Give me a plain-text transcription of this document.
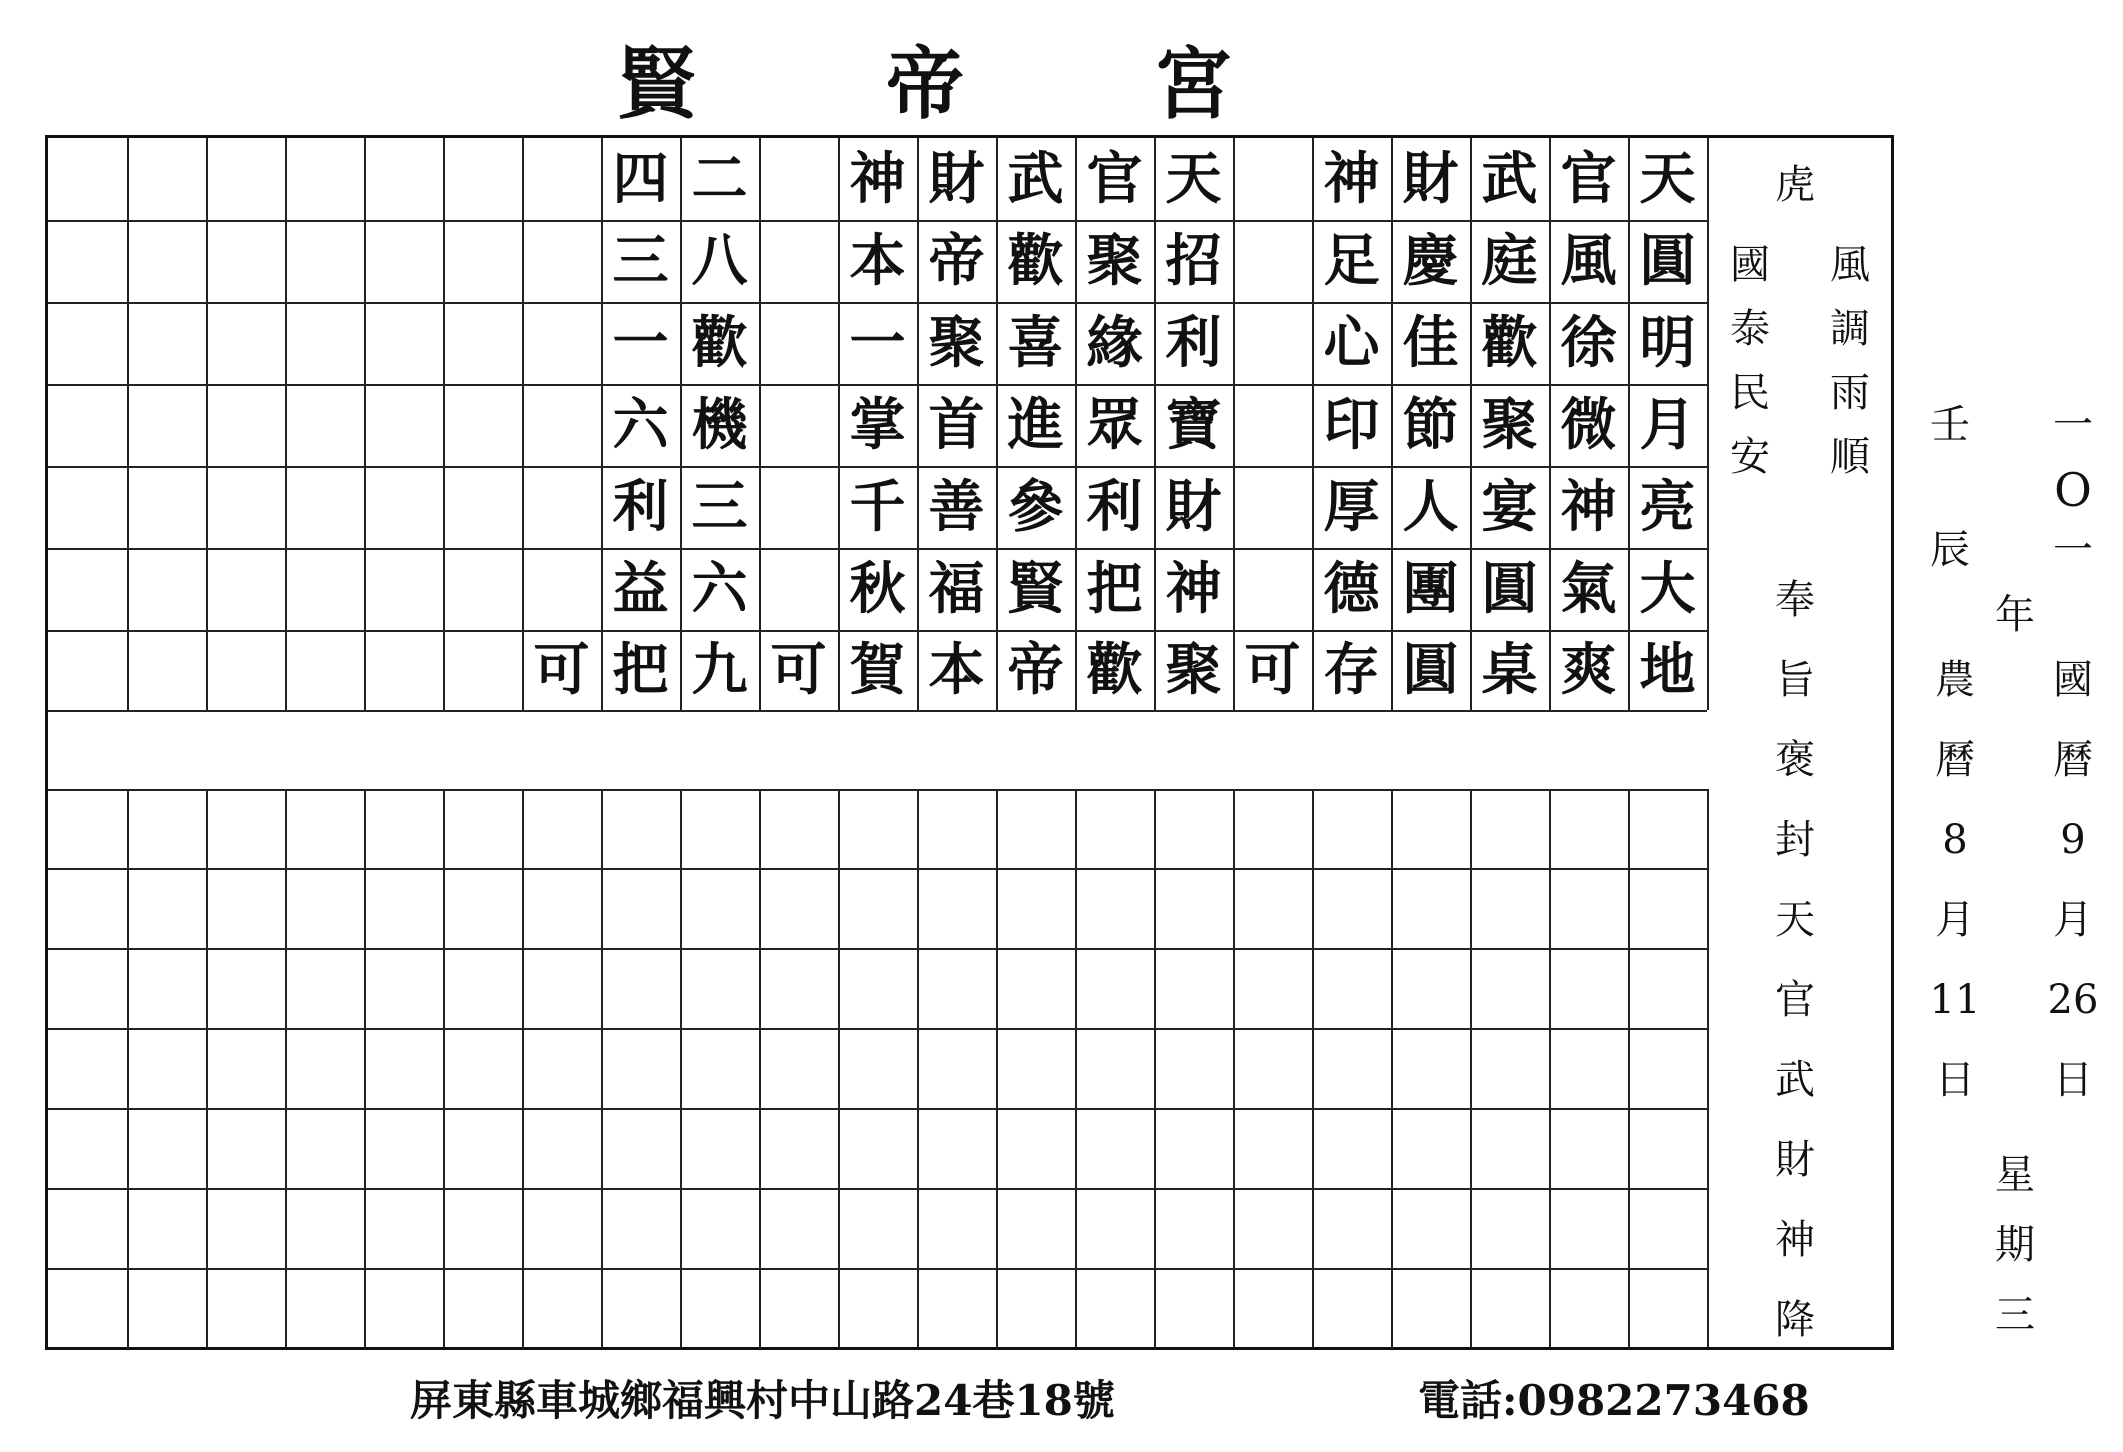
賢 帝 宮
天
圓
明
月
亮
大
地
官
風
徐
微
神
氣
爽
武
庭
歡
聚
宴
圓
桌
財
慶
佳
節
人
團
圓
神
足
心
印
厚
德
存
可
天
招
利
寶
財
神
聚
官
聚
緣
眾
利
把
歡
武
歡
喜
進
參
賢
帝
財
帝
聚
首
善
福
本
神
本
一
掌
千
秋
賀
可
二
八
歡
機
三
六
九
四
三
一
六
利
益
把
可
屏東縣車城鄉福興村中山路24巷18號	電話:0982273468
虎
國
泰
民
安
風
調
雨
順
奉
旨
褒
封
天
官
武
財
神
降
壬
辰
農
曆
8
月
11
日
一
O
一
年
國
曆
9
月
26
日
星
期
三
